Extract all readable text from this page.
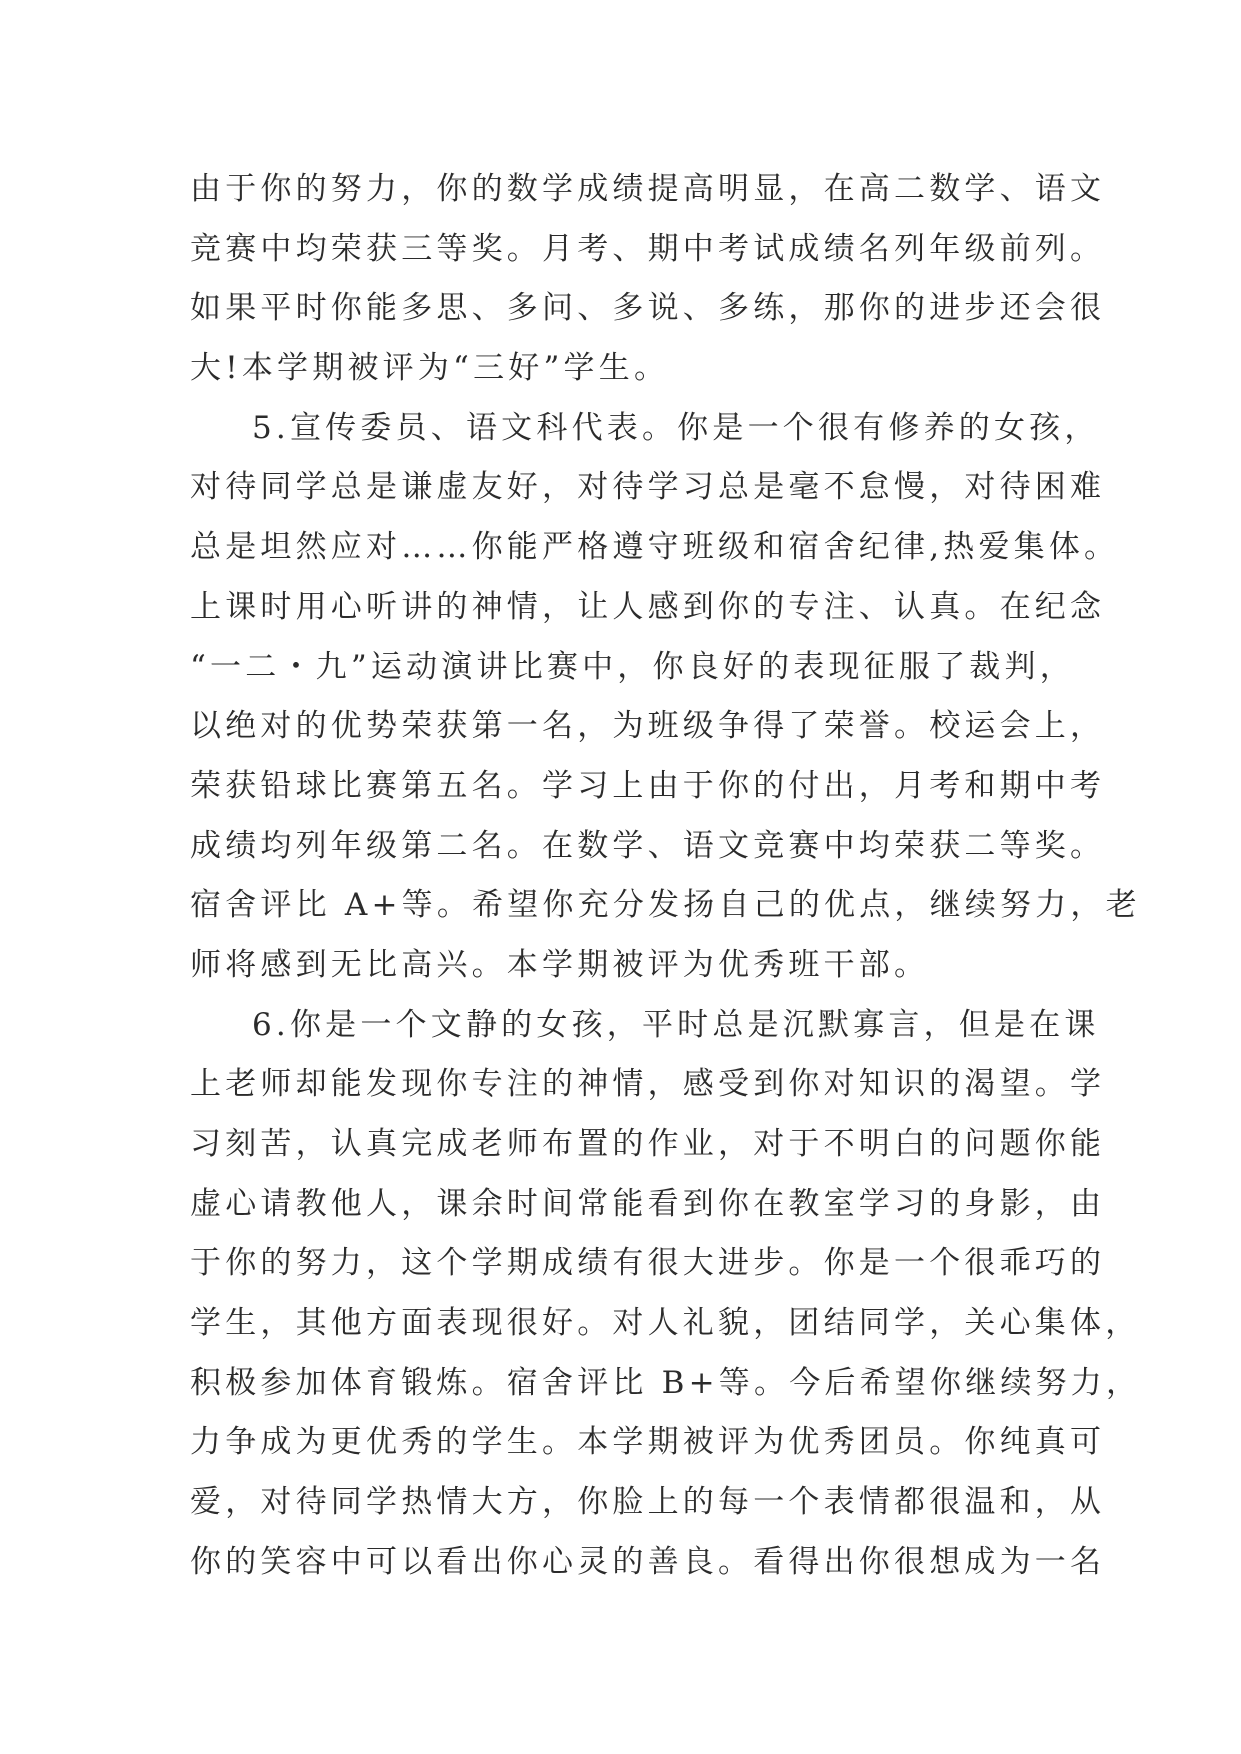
由于你的努力，你的数学成绩提高明显，在高二数学、语文
竞赛中均荣获三等奖。月考、期中考试成绩名列年级前列。
如果平时你能多思、多问、多说、多练，那你的进步还会很
大!本学期被评为“三好”学生。
5.宣传委员、语文科代表。你是一个很有修养的女孩，
对待同学总是谦虚友好，对待学习总是毫不怠慢，对待困难
总是坦然应对……你能严格遵守班级和宿舍纪律,热爱集体。
上课时用心听讲的神情，让人感到你的专注、认真。在纪念
“一二・九”运动演讲比赛中，你良好的表现征服了裁判，
以绝对的优势荣获第一名，为班级争得了荣誉。校运会上，
荣获铅球比赛第五名。学习上由于你的付出，月考和期中考
成绩均列年级第二名。在数学、语文竞赛中均荣获二等奖。
宿舍评比 A+等。希望你充分发扬自己的优点，继续努力，老
师将感到无比高兴。本学期被评为优秀班干部。
6.你是一个文静的女孩，平时总是沉默寡言，但是在课
上老师却能发现你专注的神情，感受到你对知识的渴望。学
习刻苦，认真完成老师布置的作业，对于不明白的问题你能
虚心请教他人，课余时间常能看到你在教室学习的身影，由
于你的努力，这个学期成绩有很大进步。你是一个很乖巧的
学生，其他方面表现很好。对人礼貌，团结同学，关心集体，
积极参加体育锻炼。宿舍评比 B+等。今后希望你继续努力，
力争成为更优秀的学生。本学期被评为优秀团员。你纯真可
爱，对待同学热情大方，你脸上的每一个表情都很温和，从
你的笑容中可以看出你心灵的善良。看得出你很想成为一名
